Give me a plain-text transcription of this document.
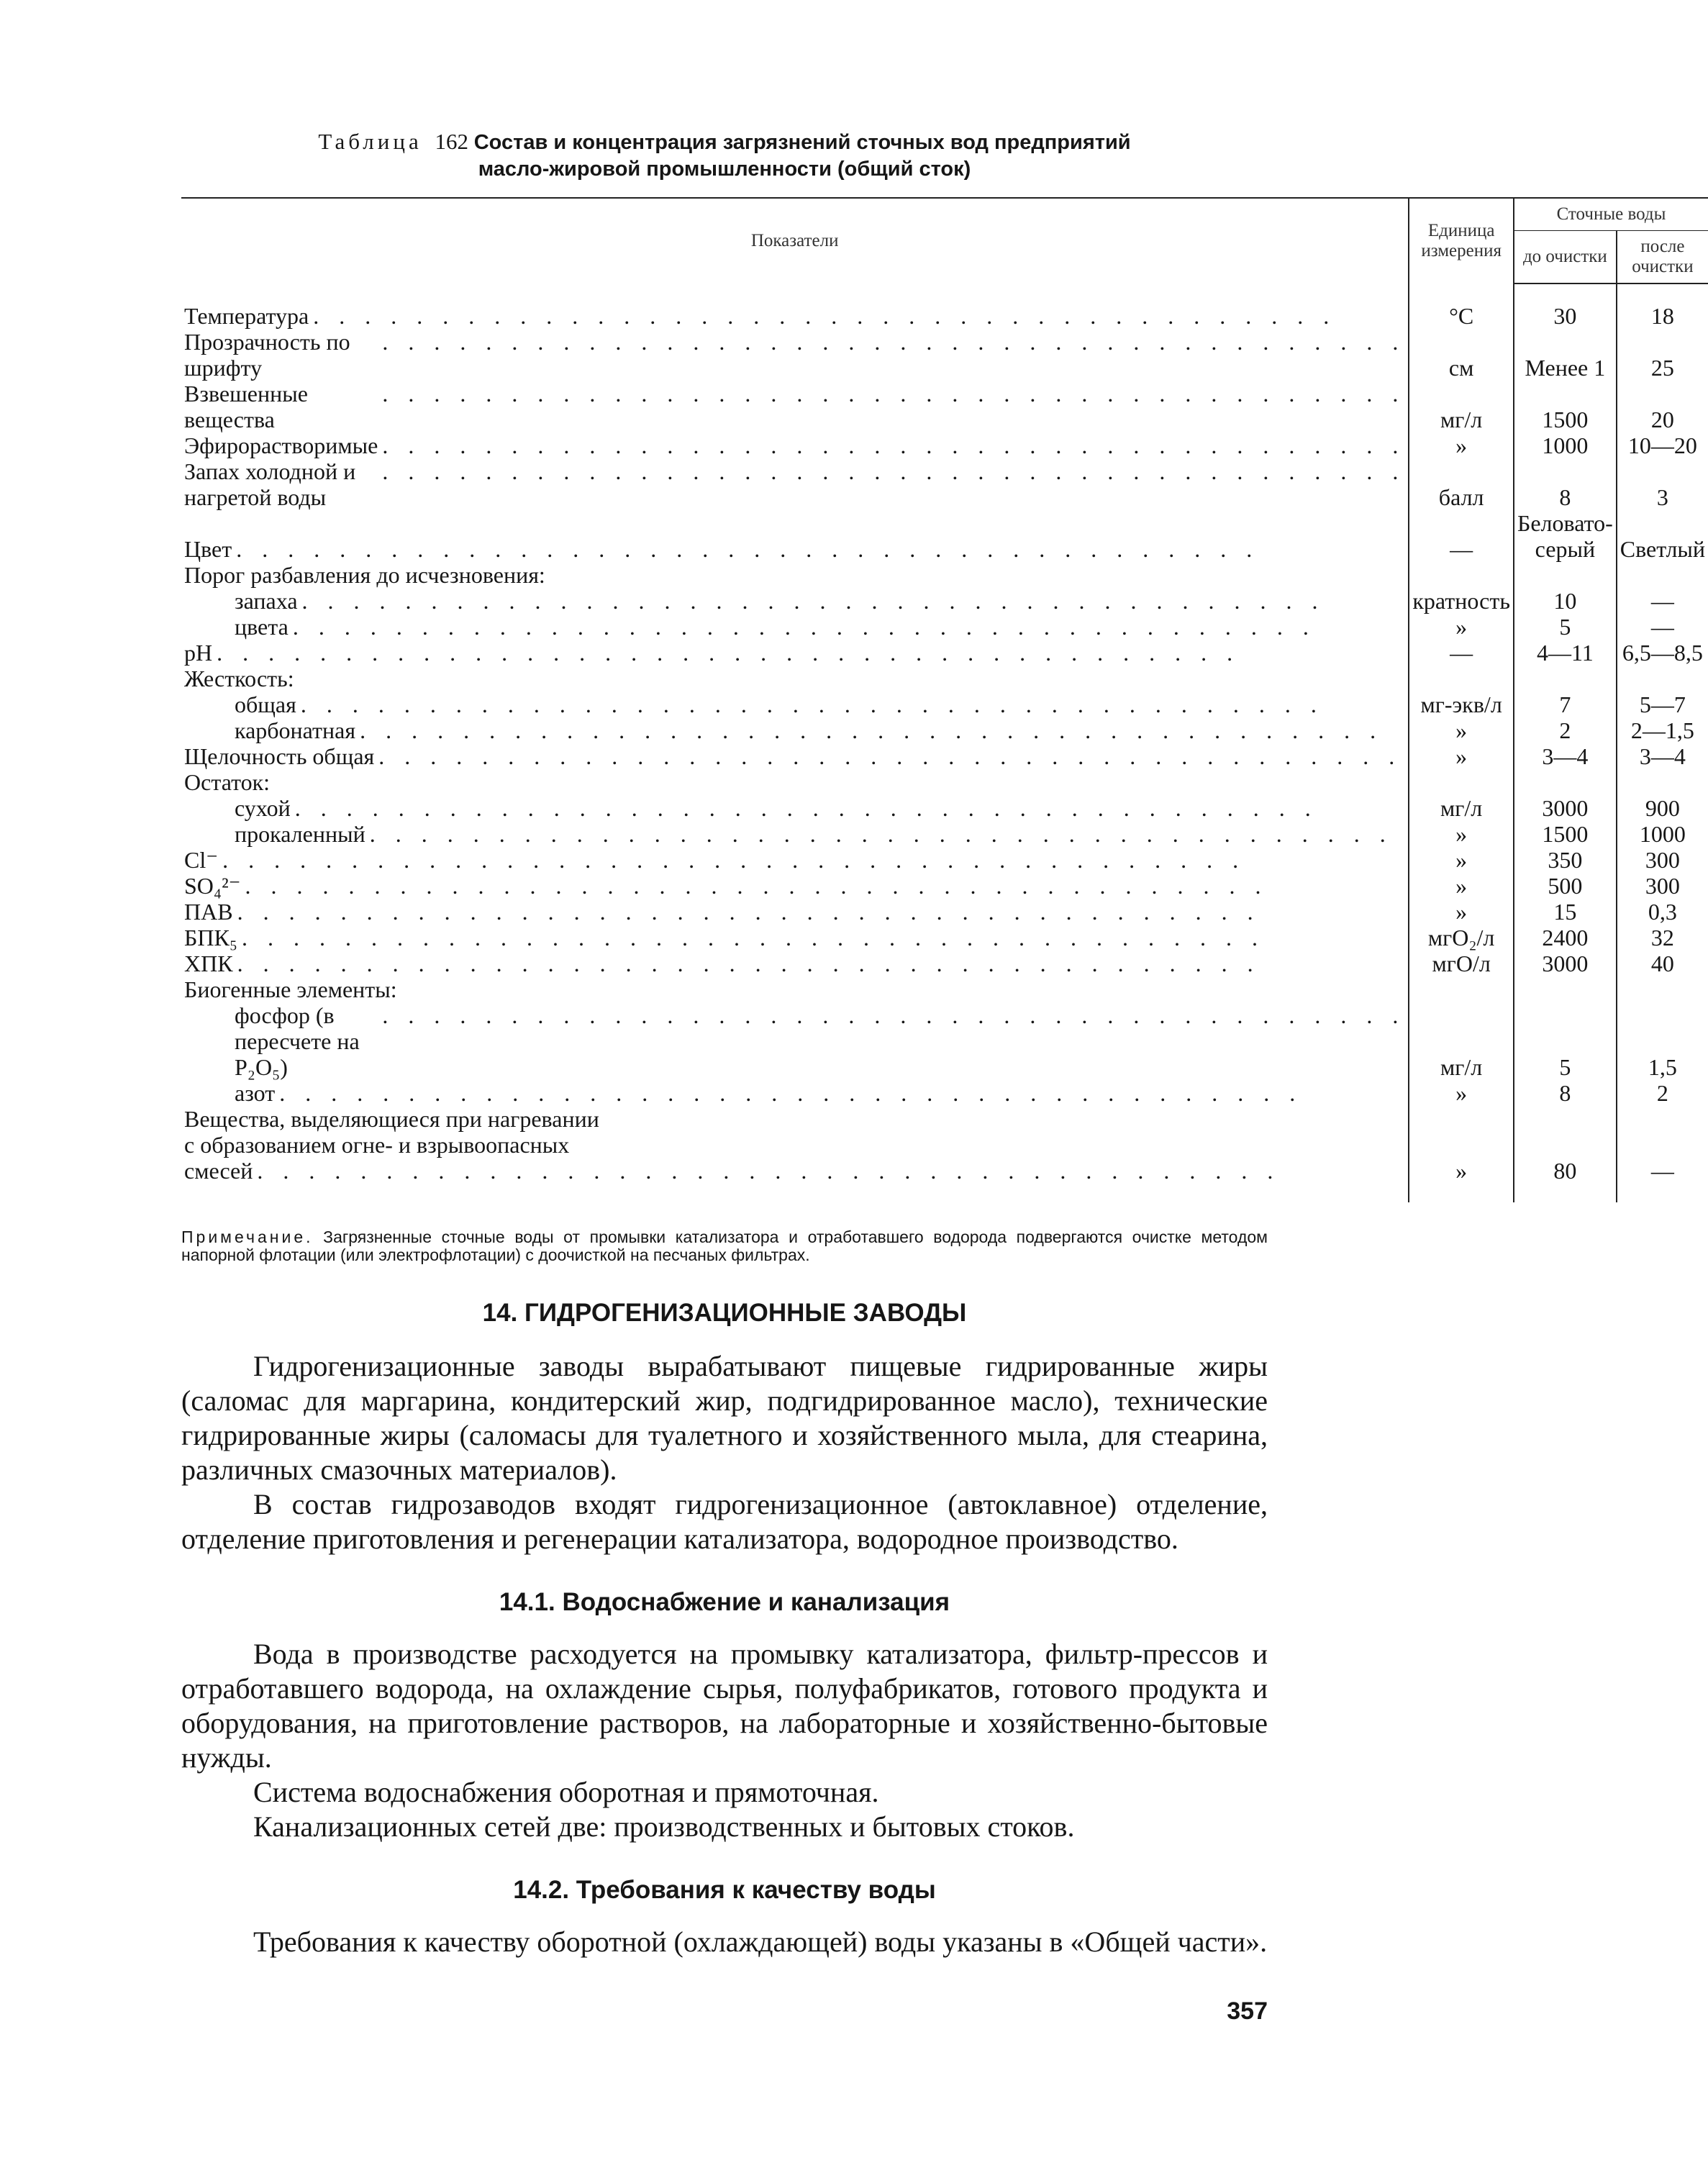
Таблица 162 Состав и концентрация загрязнений сточных вод предприятий
масло-жировой промышленности (общий сток)
Показатели	Единица измерения	Сточные воды	
		до очистки	после очистки

Температура . . . . . . . . . . . . . . . . . . . . . . . . . . . . . . . . . . . . . . . .	°С	30	18

Прозрачность по шрифту
. . . . . . . . . . . . . . . . . . . . . . . . . . . . . . . . . . . . . . . .	см	Менее 1	25

Взвешенные вещества
. . . . . . . . . . . . . . . . . . . . . . . . . . . . . . . . . . . . . . . .	мг/л	1500	20

Эфирорастворимые . . . . . . . . . . . . . . . . . . . . . . . . . . . . . . . . . . . . . . . .	»	1000	10—20

Запах холодной и нагретой воды
. . . . . . . . . . . . . . . . . . . . . . . . . . . . . . . . . . . . . . . .	балл	8	3

Цвет . . . . . . . . . . . . . . . . . . . . . . . . . . . . . . . . . . . . . . . .	—	Беловато-серый	Светлый

Порог разбавления до исчезновения:			

запаха . . . . . . . . . . . . . . . . . . . . . . . . . . . . . . . . . . . . . . . .	кратность	10	—

цвета . . . . . . . . . . . . . . . . . . . . . . . . . . . . . . . . . . . . . . . .	»	5	—

pH . . . . . . . . . . . . . . . . . . . . . . . . . . . . . . . . . . . . . . . .	—	4—11	6,5—8,5

Жесткость:			

общая . . . . . . . . . . . . . . . . . . . . . . . . . . . . . . . . . . . . . . . .	мг-экв/л	7	5—7

карбонатная . . . . . . . . . . . . . . . . . . . . . . . . . . . . . . . . . . . . . . . .	»	2	2—1,5

Щелочность общая . . . . . . . . . . . . . . . . . . . . . . . . . . . . . . . . . . . . . . . .	»	3—4	3—4

Остаток:			

сухой . . . . . . . . . . . . . . . . . . . . . . . . . . . . . . . . . . . . . . . .	мг/л	3000	900

прокаленный . . . . . . . . . . . . . . . . . . . . . . . . . . . . . . . . . . . . . . . .	»	1500	1000

Cl⁻ . . . . . . . . . . . . . . . . . . . . . . . . . . . . . . . . . . . . . . . .	»	350	300

SO₄²⁻ . . . . . . . . . . . . . . . . . . . . . . . . . . . . . . . . . . . . . . . .	»	500	300

ПАВ . . . . . . . . . . . . . . . . . . . . . . . . . . . . . . . . . . . . . . . .	»	15	0,3

БПК₅ . . . . . . . . . . . . . . . . . . . . . . . . . . . . . . . . . . . . . . . .	мгO₂/л	2400	32

ХПК . . . . . . . . . . . . . . . . . . . . . . . . . . . . . . . . . . . . . . . .	мгO/л	3000	40

Биогенные элементы:			

фосфор (в пересчете на P₂O₅)
. . . . . . . . . . . . . . . . . . . . . . . . . . . . . . . . . . . . . . . .	мг/л	5	1,5

азот . . . . . . . . . . . . . . . . . . . . . . . . . . . . . . . . . . . . . . . .	»	8	2

Вещества, выделяющиеся при нагревании			

с образованием огне- и взрывоопасных			

смесей . . . . . . . . . . . . . . . . . . . . . . . . . . . . . . . . . . . . . . . .	»	80	—
Примечание. Загрязненные сточные воды от промывки катализатора и отработавшего водорода подвергаются очистке методом напорной флотации (или электрофлотации) с доочисткой на песчаных фильтрах.
14. ГИДРОГЕНИЗАЦИОННЫЕ ЗАВОДЫ

Гидрогенизационные заводы вырабатывают пищевые гидрированные жиры (саломас для маргарина, кондитерский жир, подгидрированное масло), технические гидрированные жиры (саломасы для туалетного и хозяйственного мыла, для стеарина, различных смазочных материалов).

В состав гидрозаводов входят гидрогенизационное (автоклавное) отделение, отделение приготовления и регенерации катализатора, водородное производство.

14.1. Водоснабжение и канализация

Вода в производстве расходуется на промывку катализатора, фильтр-прессов и отработавшего водорода, на охлаждение сырья, полуфабрикатов, готового продукта и оборудования, на приготовление растворов, на лабораторные и хозяйственно-бытовые нужды.

Система водоснабжения оборотная и прямоточная.

Канализационных сетей две: производственных и бытовых стоков.

14.2. Требования к качеству воды

Требования к качеству оборотной (охлаждающей) воды указаны в «Общей части».

357
